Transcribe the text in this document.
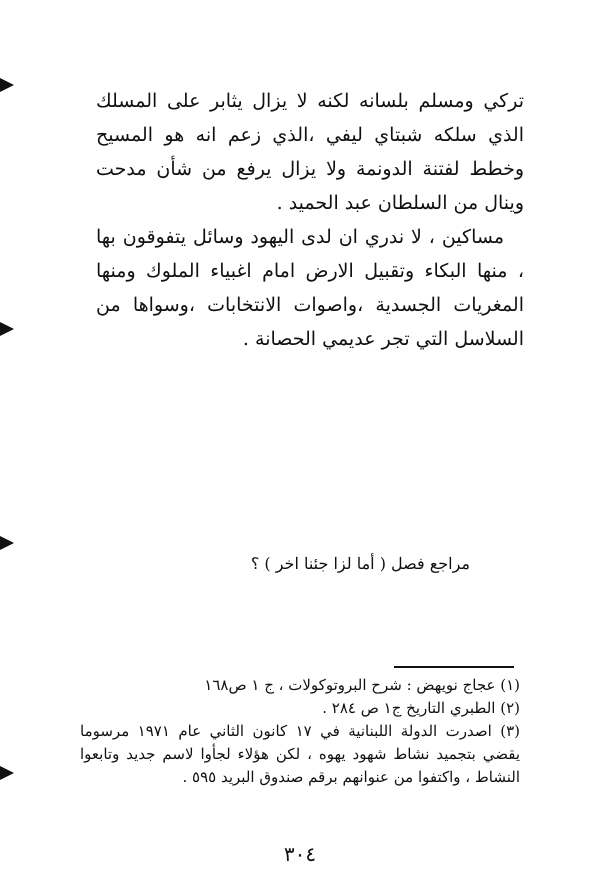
تركي ومسلم بلسانه لكنه لا يزال يثابر على المسلك الذي سلكه شبتاي ليفي ،الذي زعم انه هو المسيح وخطط لفتنة الدونمة ولا يزال يرفع من شأن مدحت وينال من السلطان عبد الحميد .

مساكين ، لا ندري ان لدى اليهود وسائل يتفوقون بها ، منها البكاء وتقبيل الارض امام اغبياء الملوك ومنها المغريات الجسدية ،واصوات الانتخابات ،وسواها من السلاسل التي تجر عديمي الحصانة .

مراجع فصل ( أما لزا جئنا اخر ) ؟
(١) عجاج نويهض : شرح البروتوكولات ، ج ١ ص١٦٨
(٢) الطبري التاريخ ج١ ص ٢٨٤ .
(٣) اصدرت الدولة اللبنانية في ١٧ كانون الثاني عام ١٩٧١ مرسوما يقضي بتجميد نشاط شهود يهوه ، لكن هؤلاء لجأوا لاسم جديد وتابعوا النشاط ، واكتفوا من عنوانهم برقم صندوق البريد ٥٩٥ .
٣٠٤
